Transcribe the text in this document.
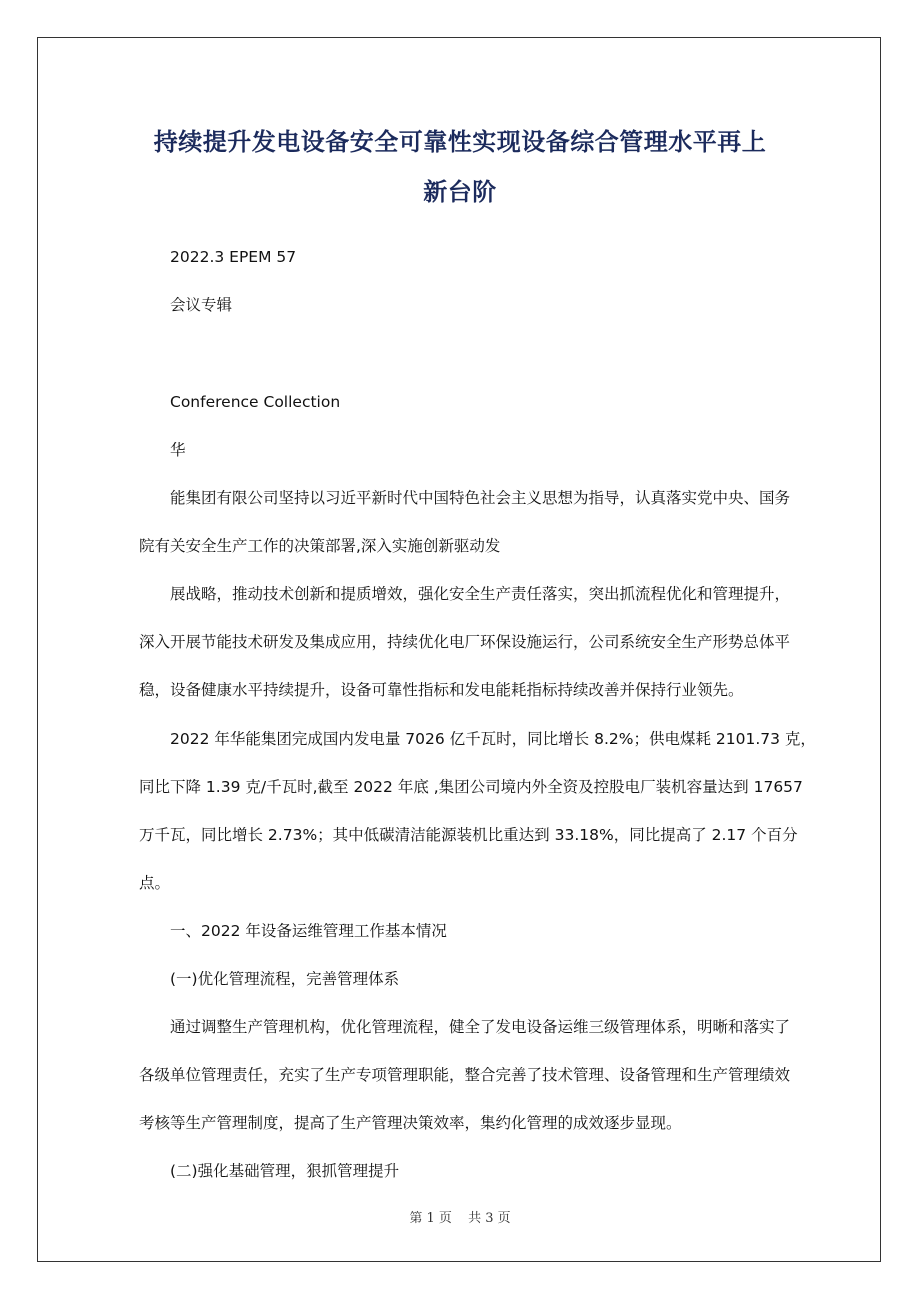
持续提升发电设备安全可靠性实现设备综合管理水平再上
新台阶
2022.3 EPEM 57
会议专辑
Conference Collection
华
能集团有限公司坚持以习近平新时代中国特色社会主义思想为指导，认真落实党中央、国务
院有关安全生产工作的决策部署,深入实施创新驱动发
展战略，推动技术创新和提质增效，强化安全生产责任落实，突出抓流程优化和管理提升，
深入开展节能技术研发及集成应用，持续优化电厂环保设施运行，公司系统安全生产形势总体平
稳，设备健康水平持续提升，设备可靠性指标和发电能耗指标持续改善并保持行业领先。
2022 年华能集团完成国内发电量 7026 亿千瓦时，同比增长 8.2%；供电煤耗 2101.73 克，
同比下降 1.39 克/千瓦时,截至 2022 年底 ,集团公司境内外全资及控股电厂装机容量达到 17657
万千瓦，同比增长 2.73%；其中低碳清洁能源装机比重达到 33.18%，同比提高了 2.17 个百分
点。
一、2022 年设备运维管理工作基本情况
(一)优化管理流程，完善管理体系
通过调整生产管理机构，优化管理流程，健全了发电设备运维三级管理体系，明晰和落实了
各级单位管理责任，充实了生产专项管理职能，整合完善了技术管理、设备管理和生产管理绩效
考核等生产管理制度，提高了生产管理决策效率，集约化管理的成效逐步显现。
(二)强化基础管理，狠抓管理提升
第 1 页 共 3 页
